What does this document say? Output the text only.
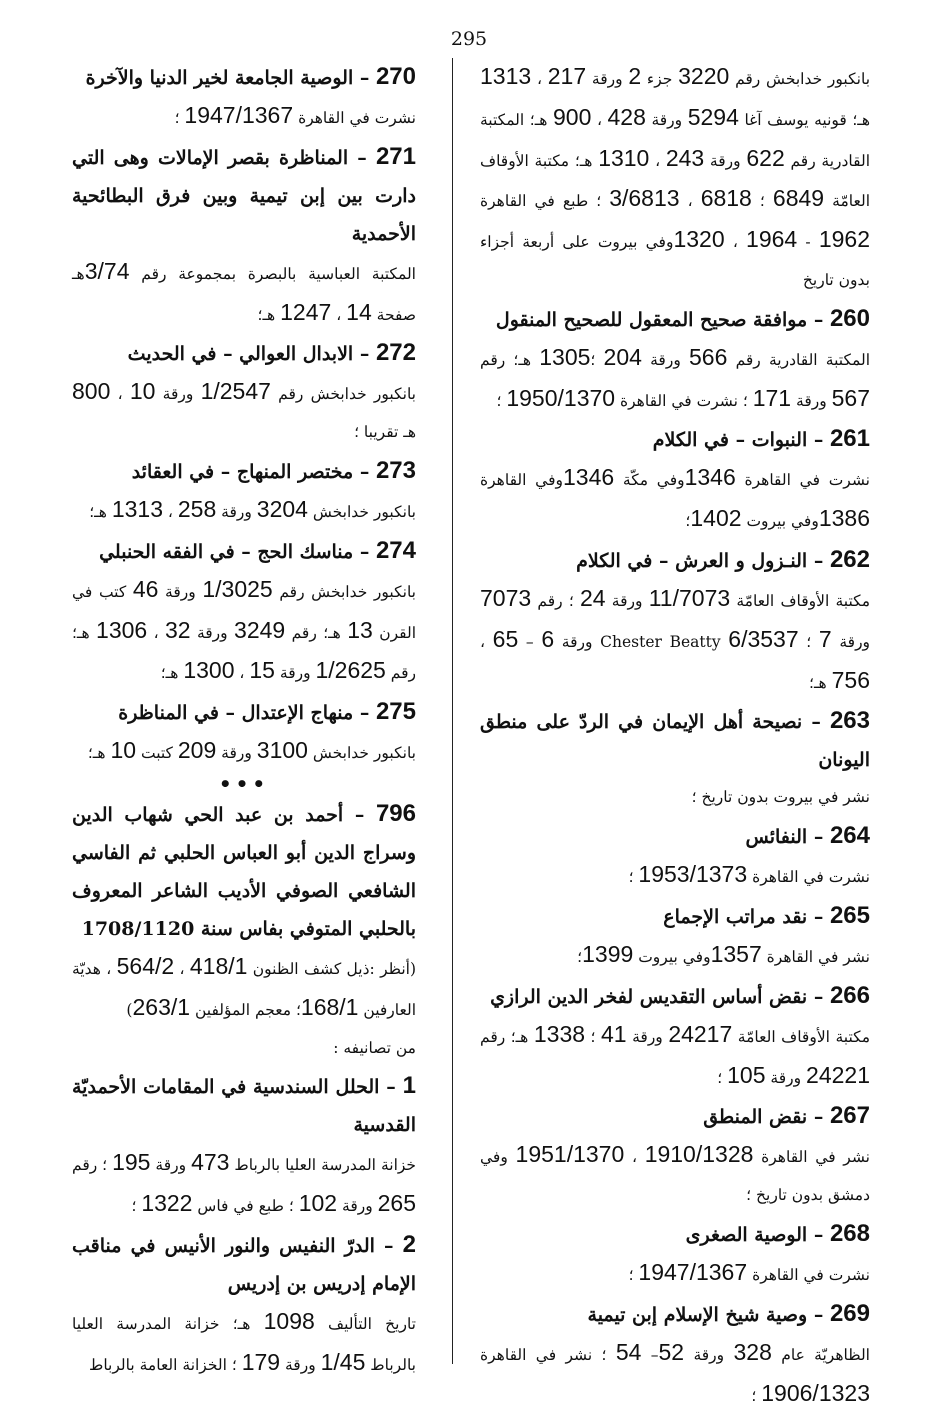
295
بانكبور خدابخش رقم 3220 جزء 2 ورقة 217 ، 1313 هـ؛ قونيه يوسف آغا 5294 ورقة 428 ، 900 هـ؛ المكتبة القادرية رقم 622 ورقة 243 ، 1310 هـ؛ مكتبة الأوقاف العامّة 6849 ؛ 6818 ، 3/6813 ؛ طبع في القاهرة 1962 - 1964 ، 1320وفي بيروت على أربعة أجزاء بدون تاريخ
260 – موافقة صحيح المعقول للصحيح المنقول
المكتبة القادرية رقم 566 ورقة 204 ؛1305 هـ؛ رقم 567 ورقة 171 ؛ نشرت في القاهرة 1950/1370 ؛
261 – النبوات – في الكلام
نشرت في القاهرة 1346وفي مكّة 1346وفي القاهرة 1386وفي بيروت 1402؛
262 – النـزول و العرش – في الكلام
مكتبة الأوقاف العامّة 11/7073 ورقة 24 ؛ رقم 7073 ورقة 7 ؛ Chester Beatty 6/3537 ورقة 6 – 65 ، 756 هـ؛
263 – نصيحة أهل الإيمان في الردّ على منطق اليونان
نشر في بيروت بدون تاريخ ؛
264 – النفائس
نشرت في القاهرة 1953/1373 ؛
265 – نقد مراتب الإجماع
نشر في القاهرة 1357وفي بيروت 1399؛
266 – نقض أساس التقديس لفخر الدين الرازي
مكتبة الأوقاف العامّة 24217 ورقة 41 ؛ 1338 هـ؛ رقم 24221 ورقة 105 ؛
267 – نقض المنطق
نشر في القاهرة 1910/1328 ، 1951/1370 وفي دمشق بدون تاريخ ؛
268 – الوصية الصغرى
نشرت في القاهرة 1947/1367 ؛
269 – وصية شيخ الإسلام إبن تيمية
الظاهريّة عام 328 ورقة 52– 54 ؛ نشر في القاهرة 1906/1323 ؛
270 – الوصية الجامعة لخير الدنيا والآخرة
نشرت في القاهرة 1947/1367 ؛
271 – المناظرة بقصر الإمالات وهى التي دارت بين إبن تيمية وبين فرق البطائحية الأحمدية
المكتبة العباسية بالبصرة بمجموعة رقم 3/74هـ صفحة 14 ، 1247 هـ؛
272 – الابدال العوالي – في الحديث
بانكبور خدابخش رقم 1/2547 ورقة 10 ، 800 هـ تقريبا ؛
273 – مختصر المنهاج – في العقائد
بانكبور خدابخش 3204 ورقة 258 ، 1313 هـ؛
274 – مناسك الحج – في الفقه الحنبلي
بانكبور خدابخش رقم 1/3025 ورقة 46 كتب في القرن 13 هـ؛ رقم 3249 ورقة 32 ، 1306 هـ؛ رقم 1/2625 ورقة 15 ، 1300 هـ؛
275 – منهاج الإعتدال – في المناظرة
بانكبور خدابخش 3100 ورقة 209 كتبت 10 هـ؛
•••
796 – أحمد بن عبد الحي شهاب الدين وسراج الدين أبو العباس الحلبي ثم الفاسي الشافعي الصوفي الأديب الشاعر المعروف بالحلبي المتوفي بفاس سنة 1708/1120
(أنظر :ذيل كشف الظنون 418/1 ، 564/2 ، هديّة العارفين 168/1؛ معجم المؤلفين 263/1)
من تصانيفه :
1 – الحلل السندسية في المقامات الأحمديّة القدسية
خزانة المدرسة العليا بالرباط 473 ورقة 195 ؛ رقم 265 ورقة 102 ؛ طبع في فاس 1322 ؛
2 – الدرّ النفيس والنور الأنيس في مناقب الإمام إدريس بن إدريس
تاريخ التأليف 1098 هـ؛ خزانة المدرسة العليا بالرباط 1/45 ورقة 179 ؛ الخزانة العامة بالرباط
